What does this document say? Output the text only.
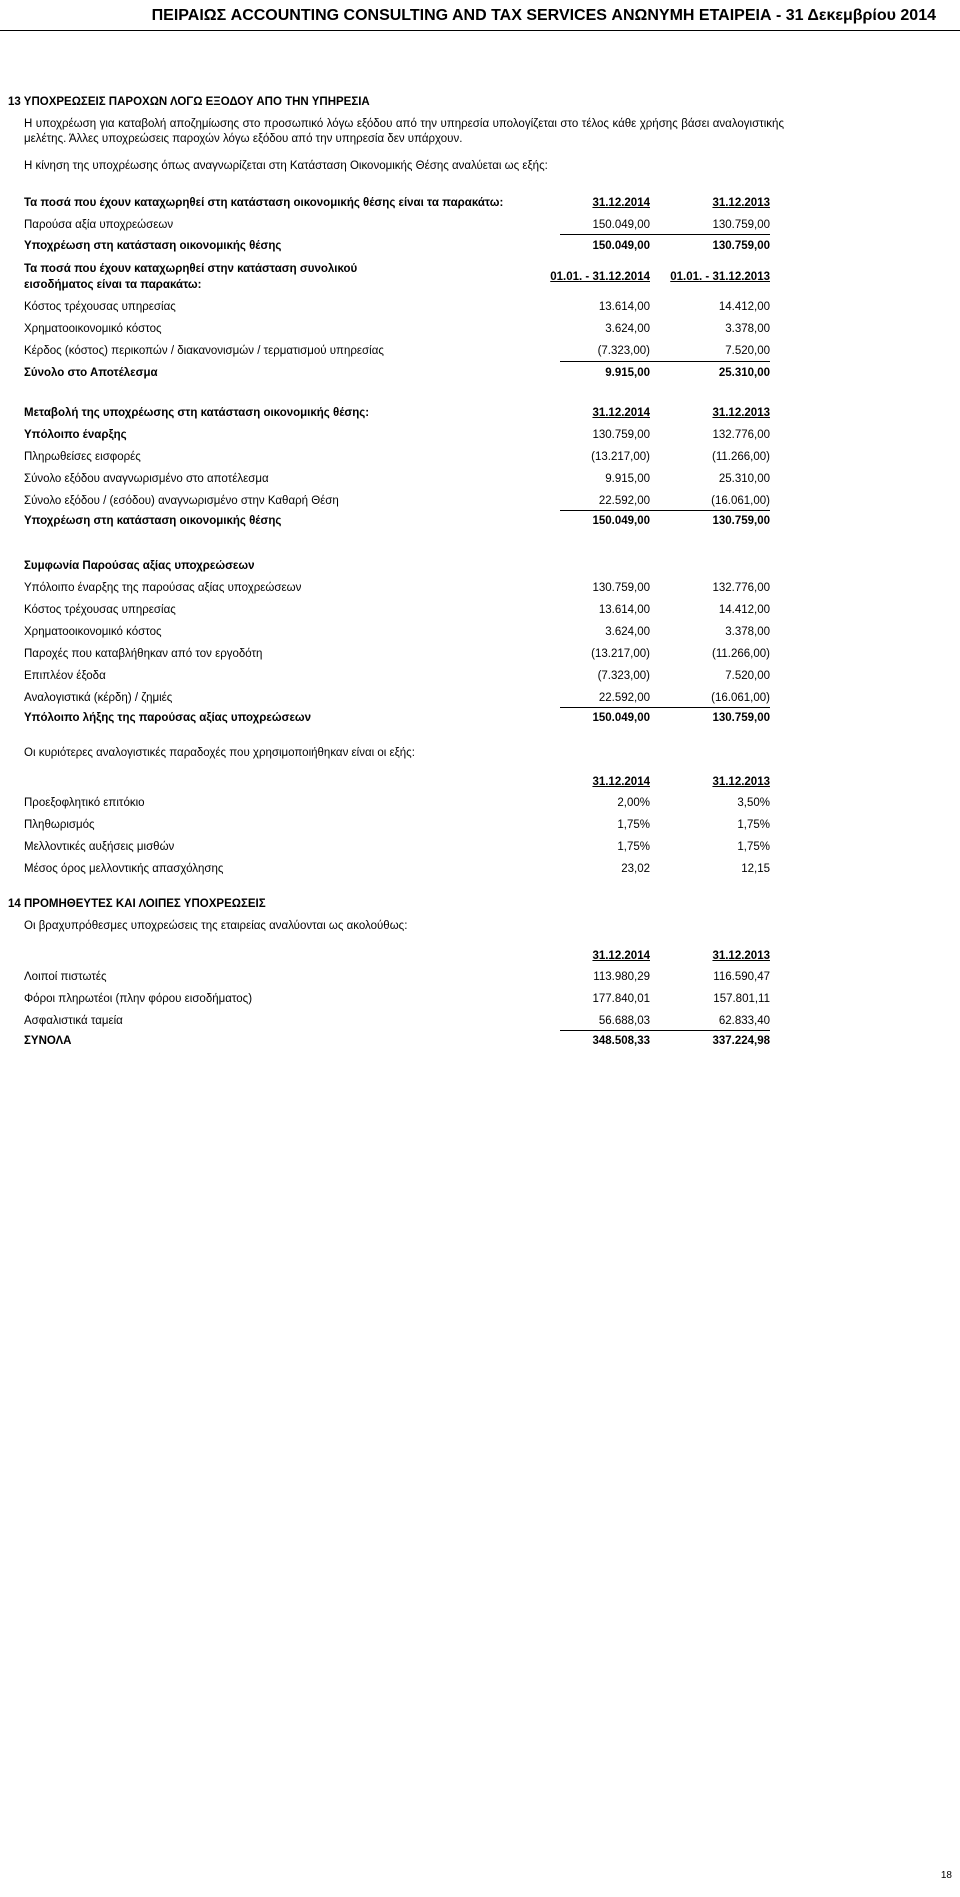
ΠΕΙΡΑΙΩΣ ACCOUNTING CONSULTING AND TAX SERVICES ΑΝΩΝΥΜΗ ΕΤΑΙΡΕΙΑ - 31 Δεκεμβρίου 2014
13 ΥΠΟΧΡΕΩΣΕΙΣ ΠΑΡΟΧΩΝ ΛΟΓΩ ΕΞΟΔΟΥ ΑΠΟ ΤΗΝ ΥΠΗΡΕΣΙΑ
Η υποχρέωση για καταβολή αποζημίωσης στο προσωπικό λόγω εξόδου από την υπηρεσία υπολογίζεται στο τέλος κάθε χρήσης βάσει αναλογιστικής μελέτης. Άλλες υποχρεώσεις παροχών λόγω εξόδου από την υπηρεσία δεν υπάρχουν.
Η κίνηση της υποχρέωσης όπως αναγνωρίζεται στη Κατάσταση Οικονομικής Θέσης αναλύεται ως εξής:
Τα ποσά που έχουν καταχωρηθεί στη κατάσταση οικονομικής θέσης είναι τα παρακάτω:	31.12.2014	31.12.2013
Παρούσα αξία υποχρεώσεων	150.049,00	130.759,00
Υποχρέωση στη κατάσταση οικονομικής θέσης	150.049,00	130.759,00
Τα ποσά που έχουν καταχωρηθεί στην κατάσταση συνολικού
εισοδήματος είναι τα παρακάτω:
01.01. - 31.12.2014	01.01. - 31.12.2013
Κόστος τρέχουσας υπηρεσίας	13.614,00	14.412,00
Χρηματοοικονομικό κόστος	3.624,00	3.378,00
Κέρδος (κόστος) περικοπών / διακανονισμών / τερματισμού υπηρεσίας	(7.323,00)	7.520,00
Σύνολο στο Αποτέλεσμα	9.915,00	25.310,00
Μεταβολή της υποχρέωσης στη κατάσταση οικονομικής θέσης:	31.12.2014	31.12.2013
Υπόλοιπο έναρξης	130.759,00	132.776,00
Πληρωθείσες εισφορές	(13.217,00)	(11.266,00)
Σύνολο εξόδου αναγνωρισμένο στο αποτέλεσμα	9.915,00	25.310,00
Σύνολο εξόδου / (εσόδου) αναγνωρισμένο στην Καθαρή Θέση	22.592,00	(16.061,00)
Υποχρέωση στη κατάσταση οικονομικής θέσης	150.049,00	130.759,00
Συμφωνία Παρούσας αξίας υποχρεώσεων
Υπόλοιπο έναρξης της παρούσας αξίας υποχρεώσεων	130.759,00	132.776,00
Κόστος τρέχουσας υπηρεσίας	13.614,00	14.412,00
Χρηματοοικονομικό κόστος	3.624,00	3.378,00
Παροχές που καταβλήθηκαν από τον εργοδότη	(13.217,00)	(11.266,00)
Επιπλέον έξοδα	(7.323,00)	7.520,00
Αναλογιστικά (κέρδη) / ζημιές	22.592,00	(16.061,00)
Υπόλοιπο λήξης της παρούσας αξίας υποχρεώσεων	150.049,00	130.759,00
Οι κυριότερες αναλογιστικές παραδοχές που χρησιμοποιήθηκαν είναι οι εξής:
31.12.2014	31.12.2013
Προεξοφλητικό επιτόκιο	2,00%	3,50%
Πληθωρισμός	1,75%	1,75%
Μελλοντικές αυξήσεις μισθών	1,75%	1,75%
Μέσος όρος μελλοντικής απασχόλησης	23,02	12,15
14 ΠΡΟΜΗΘΕΥΤΕΣ ΚΑΙ ΛΟΙΠΕΣ ΥΠΟΧΡΕΩΣΕΙΣ
Οι βραχυπρόθεσμες υποχρεώσεις της εταιρείας αναλύονται ως ακολούθως:
31.12.2014	31.12.2013
Λοιποί πιστωτές	113.980,29	116.590,47
Φόροι πληρωτέοι (πλην φόρου εισοδήματος)	177.840,01	157.801,11
Ασφαλιστικά ταμεία	56.688,03	62.833,40
ΣΥΝΟΛΑ	348.508,33	337.224,98
18
